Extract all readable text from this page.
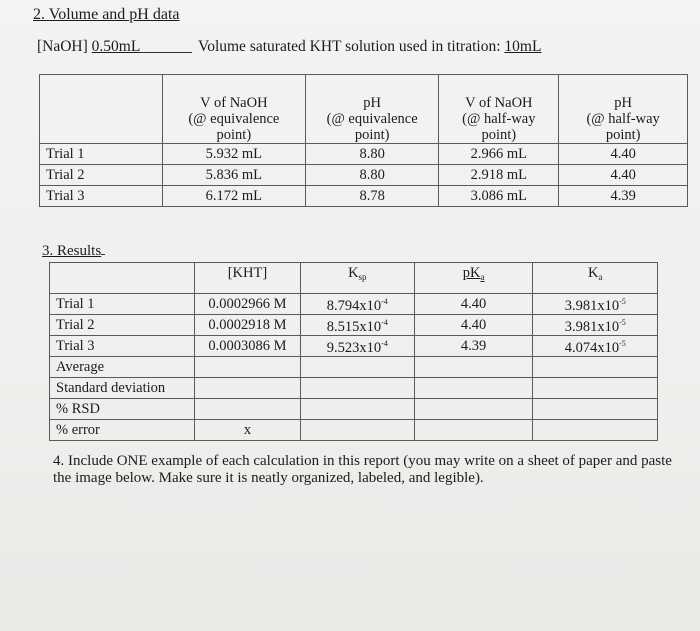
2. Volume and pH data
[NaOH] 0.50mL	Volume saturated KHT solution used in titration: 10mL

	V of NaOH
(@ equivalence
point)	pH
(@ equivalence
point)	V of NaOH
(@ half-way
point)	pH
(@ half-way
point)

Trial 1	5.932 mL	8.80	2.966 mL	4.40
Trial 2	5.836 mL	8.80	2.918 mL	4.40
Trial 3	6.172 mL	8.78	3.086 mL	4.39
3. Results
	[KHT]	$K_{sp}$	$pK_a$	$K_a$
Trial 1	0.0002966 M	$8.794x10^{-4}$	4.40	$3.981x10^{-5}$
Trial 2	0.0002918 M	$8.515x10^{-4}$	4.40	$3.981x10^{-5}$
Trial 3	0.0003086 M	$9.523x10^{-4}$	4.39	$4.074x10^{-5}$
Average				
Standard deviation				
% RSD				
% error	x			
4. Include ONE example of each calculation in this report (you may write on a sheet of paper and paste the image below. Make sure it is neatly organized, labeled, and legible).
